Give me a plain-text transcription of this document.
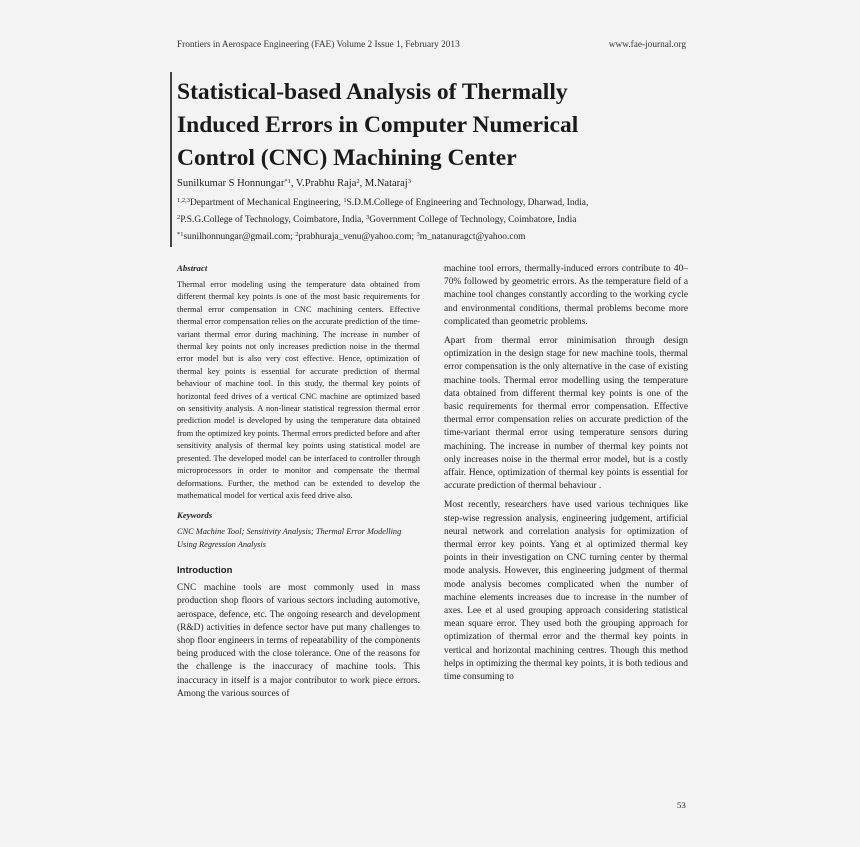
Frontiers in Aerospace Engineering (FAE) Volume 2 Issue 1, February 2013	www.fae-journal.org
Statistical-based Analysis of Thermally
Induced Errors in Computer Numerical
Control (CNC) Machining Center
Sunilkumar S Honnungar$^{*1}$, V.Prabhu Raja$^2$, M.Nataraj$^3$
$^{1,2,3}$Department of Mechanical Engineering, $^1$S.D.M.College of Engineering and Technology, Dharwad, India,
$^2$P.S.G.College of Technology, Coimbatore, India, $^3$Government College of Technology, Coimbatore, India
$^{*1}$sunilhonnungar@gmail.com; $^2$prabhuraja_venu@yahoo.com; $^3$m_natanuragct@yahoo.com
Abstract

Thermal error modeling using the temperature data obtained from different thermal key points is one of the most basic requirements for thermal error compensation in CNC machining centers. Effective thermal error compensation relies on the accurate prediction of the time-variant thermal error during machining. The increase in number of thermal key points not only increases prediction noise in the thermal error model but is also very cost effective. Hence, optimization of thermal key points is essential for accurate prediction of thermal behaviour of machine tool. In this study, the thermal key points of horizontal feed drives of a vertical CNC machine are optimized based on sensitivity analysis. A non-linear statistical regression thermal error prediction model is developed by using the temperature data obtained from the optimized key points. Thermal errors predicted before and after sensitivity analysis of thermal key points using statistical model are presented. The developed model can be interfaced to controller through microprocessors in order to monitor and compensate the thermal deformations. Further, the method can be extended to develop the mathematical model for vertical axis feed drive also.

Keywords

CNC Machine Tool; Sensitivity Analysis; Thermal Error Modelling Using Regression Analysis

Introduction

CNC machine tools are most commonly used in mass production shop floors of various sectors including automotive, aerospace, defence, etc. The ongoing research and development (R&D) activities in defence sector have put many challenges to shop floor engineers in terms of repeatability of the components being produced with the close tolerance. One of the reasons for the challenge is the inaccuracy of machine tools. This inaccuracy in itself is a major contributor to work piece errors. Among the various sources of

machine tool errors, thermally-induced errors contribute to 40–70% followed by geometric errors. As the temperature field of a machine tool changes constantly according to the working cycle and environmental conditions, thermal problems become more complicated than geometric problems.

Apart from thermal error minimisation through design optimization in the design stage for new machine tools, thermal error compensation is the only alternative in the case of existing machine tools. Thermal error modelling using the temperature data obtained from different thermal key points is one of the basic requirements for thermal error compensation. Effective thermal error compensation relies on accurate prediction of the time-variant thermal error using temperature sensors during machining. The increase in number of thermal key points not only increases noise in the thermal error model, but is a costly affair. Hence, optimization of thermal key points is essential for accurate prediction of thermal behaviour .

Most recently, researchers have used various techniques like step-wise regression analysis, engineering judgement, artificial neural network and correlation analysis for optimization of thermal error key points. Yang et al optimized thermal key points in their investigation on CNC turning center by thermal mode analysis. However, this engineering judgment of thermal mode analysis becomes complicated when the number of machine elements increases due to increase in the number of axes. Lee et al used grouping approach considering statistical mean square error. They used both the grouping approach for optimization of thermal error and the thermal key points in vertical and horizontal machining centres. Though this method helps in optimizing the thermal key points, it is both tedious and time consuming to

53
